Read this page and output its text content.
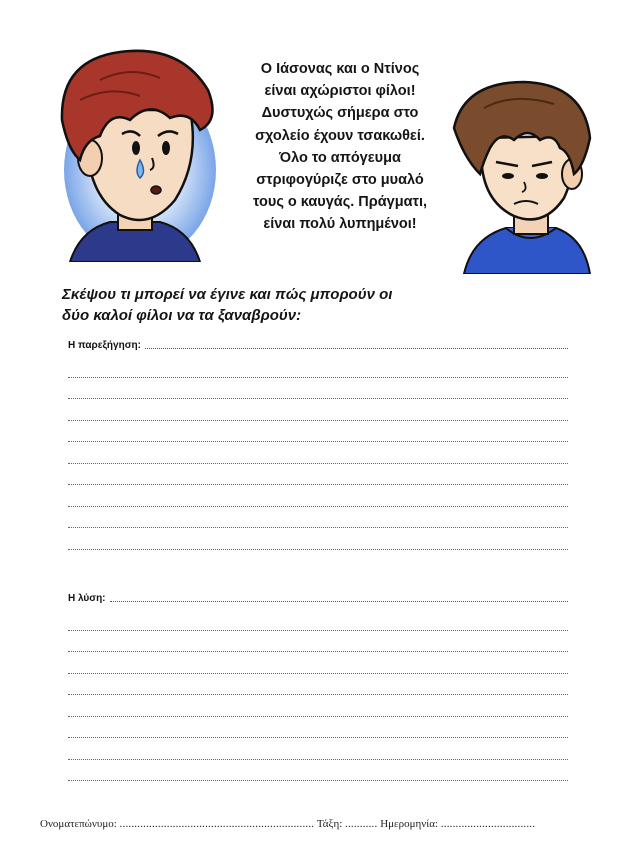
Ο Ιάσονας και ο Ντίνος
είναι αχώριστοι φίλοι!
Δυστυχώς σήμερα στο
σχολείο έχουν τσακωθεί.
Όλο το απόγευμα
στριφογύριζε στο μυαλό
τους ο καυγάς. Πράγματι,
είναι πολύ λυπημένοι!
Σκέψου τι μπορεί να έγινε και πώς μπορούν οι
δύο καλοί φίλοι να τα ξαναβρούν:
Η παρεξήγηση:
Η λύση:
Ονοματεπώνυμο: .................................................................. Τάξη: ........... Ημερομηνία: ................................
